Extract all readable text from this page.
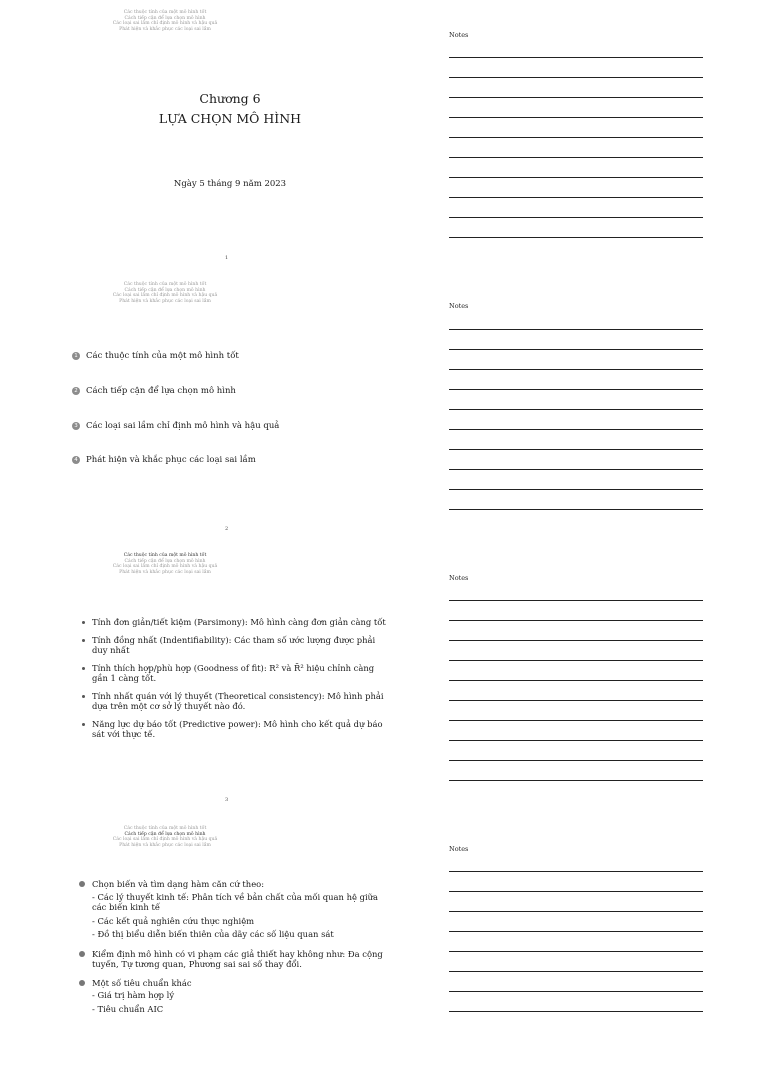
Các thuộc tính của một mô hình tốt
Cách tiếp cận để lựa chọn mô hình
Các loại sai lầm chỉ định mô hình và hậu quả
Phát hiện và khắc phục các loại sai lầm
Chương 6
LỰA CHỌN MÔ HÌNH
Ngày 5 tháng 9 năm 2023
1
Các thuộc tính của một mô hình tốt
Cách tiếp cận để lựa chọn mô hình
Các loại sai lầm chỉ định mô hình và hậu quả
Phát hiện và khắc phục các loại sai lầm
1 Các thuộc tính của một mô hình tốt
2 Cách tiếp cận để lựa chọn mô hình
3 Các loại sai lầm chỉ định mô hình và hậu quả
4 Phát hiện và khắc phục các loại sai lầm
2
Các thuộc tính của một mô hình tốt
Cách tiếp cận để lựa chọn mô hình
Các loại sai lầm chỉ định mô hình và hậu quả
Phát hiện và khắc phục các loại sai lầm
Tính đơn giản/tiết kiệm (Parsimony): Mô hình càng đơn giản càng tốt
Tính đồng nhất (Indentifiability): Các tham số ước lượng được phải duy nhất
Tính thích hợp/phù hợp (Goodness of fit): R² và R̄² hiệu chỉnh càng gần 1 càng tốt.
Tính nhất quán với lý thuyết (Theoretical consistency): Mô hình phải dựa trên một cơ sở lý thuyết nào đó.
Năng lực dự báo tốt (Predictive power): Mô hình cho kết quả dự báo sát với thực tế.
3
Các thuộc tính của một mô hình tốt
Cách tiếp cận để lựa chọn mô hình
Các loại sai lầm chỉ định mô hình và hậu quả
Phát hiện và khắc phục các loại sai lầm
Chọn biến và tìm dạng hàm căn cứ theo:
- Các lý thuyết kinh tế: Phân tích về bản chất của mối quan hệ giữa các biến kinh tế
- Các kết quả nghiên cứu thực nghiệm
- Đồ thị biểu diễn biến thiên của dãy các số liệu quan sát
Kiểm định mô hình có vi phạm các giả thiết hay không như: Đa cộng tuyến, Tự tương quan, Phương sai sai số thay đổi.
Một số tiêu chuẩn khác
- Giá trị hàm hợp lý
- Tiêu chuẩn AIC
Notes
Notes
Notes
Notes
